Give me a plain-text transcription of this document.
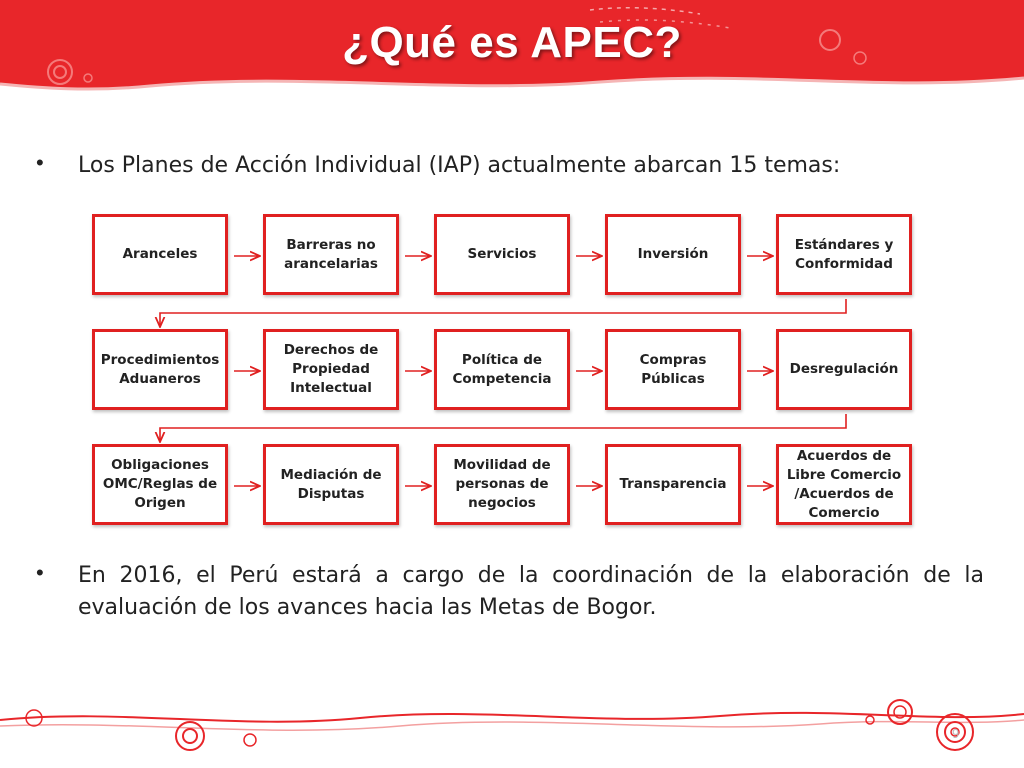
¿Qué es APEC?
• Los Planes de Acción Individual (IAP) actualmente abarcan 15 temas:
Aranceles
Barreras no arancelarias
Servicios	Inversión
Estándares y Conformidad
Procedimientos Aduaneros
Derechos de Propiedad Intelectual
Política de Competencia
Compras Públicas
Desregulación
Obligaciones OMC/Reglas de Origen
Mediación de Disputas
Movilidad de personas de negocios
Transparencia
Acuerdos de Libre Comercio /Acuerdos de Comercio
• En 2016, el Perú estará a cargo de la coordinación de la elaboración de la evaluación de los avances hacia las Metas de Bogor.
9
